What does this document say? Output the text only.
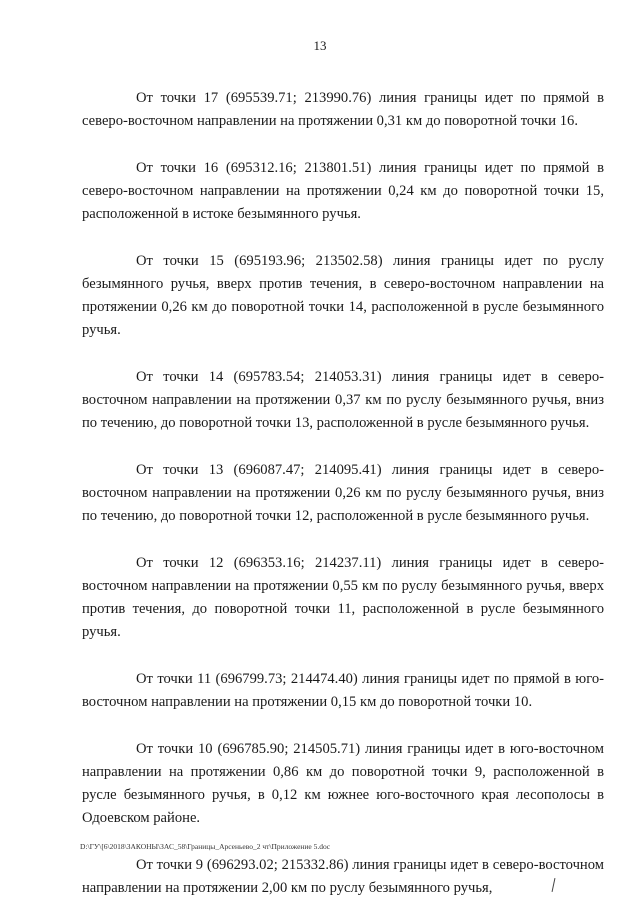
13

От точки 17 (695539.71; 213990.76) линия границы идет по прямой в северо-восточном направлении на протяжении 0,31 км до поворотной точки 16.

От точки 16 (695312.16; 213801.51) линия границы идет по прямой в северо-восточном направлении на протяжении 0,24 км до поворотной точки 15, расположенной в истоке безымянного ручья.

От точки 15 (695193.96; 213502.58) линия границы идет по руслу безымянного ручья, вверх против течения, в северо-восточном направлении на протяжении 0,26 км до поворотной точки 14, расположенной в русле безымянного ручья.

От точки 14 (695783.54; 214053.31) линия границы идет в северо-восточном направлении на протяжении 0,37 км по руслу безымянного ручья, вниз по течению, до поворотной точки 13, расположенной в русле безымянного ручья.

От точки 13 (696087.47; 214095.41) линия границы идет в северо-восточном направлении на протяжении 0,26 км по руслу безымянного ручья, вниз по течению, до поворотной точки 12, расположенной в русле безымянного ручья.

От точки 12 (696353.16; 214237.11) линия границы идет в северо-восточном направлении на протяжении 0,55 км по руслу безымянного ручья, вверх против течения, до поворотной точки 11, расположенной в русле безымянного ручья.

От точки 11 (696799.73; 214474.40) линия границы идет по прямой в юго-восточном направлении на протяжении 0,15 км до поворотной точки 10.

От точки 10 (696785.90; 214505.71) линия границы идет в юго-восточном направлении на протяжении 0,86 км до поворотной точки 9, расположенной в русле безымянного ручья, в 0,12 км южнее юго-восточного края лесополосы в Одоевском районе.

От точки 9 (696293.02; 215332.86) линия границы идет в северо-восточном направлении на протяжении 2,00 км по руслу безымянного ручья,

D:\ГУ\[6\2018\ЗАКОНЫ\ЗАС_58\Границы_Арсеньево_2 чт\Приложение 5.doc
